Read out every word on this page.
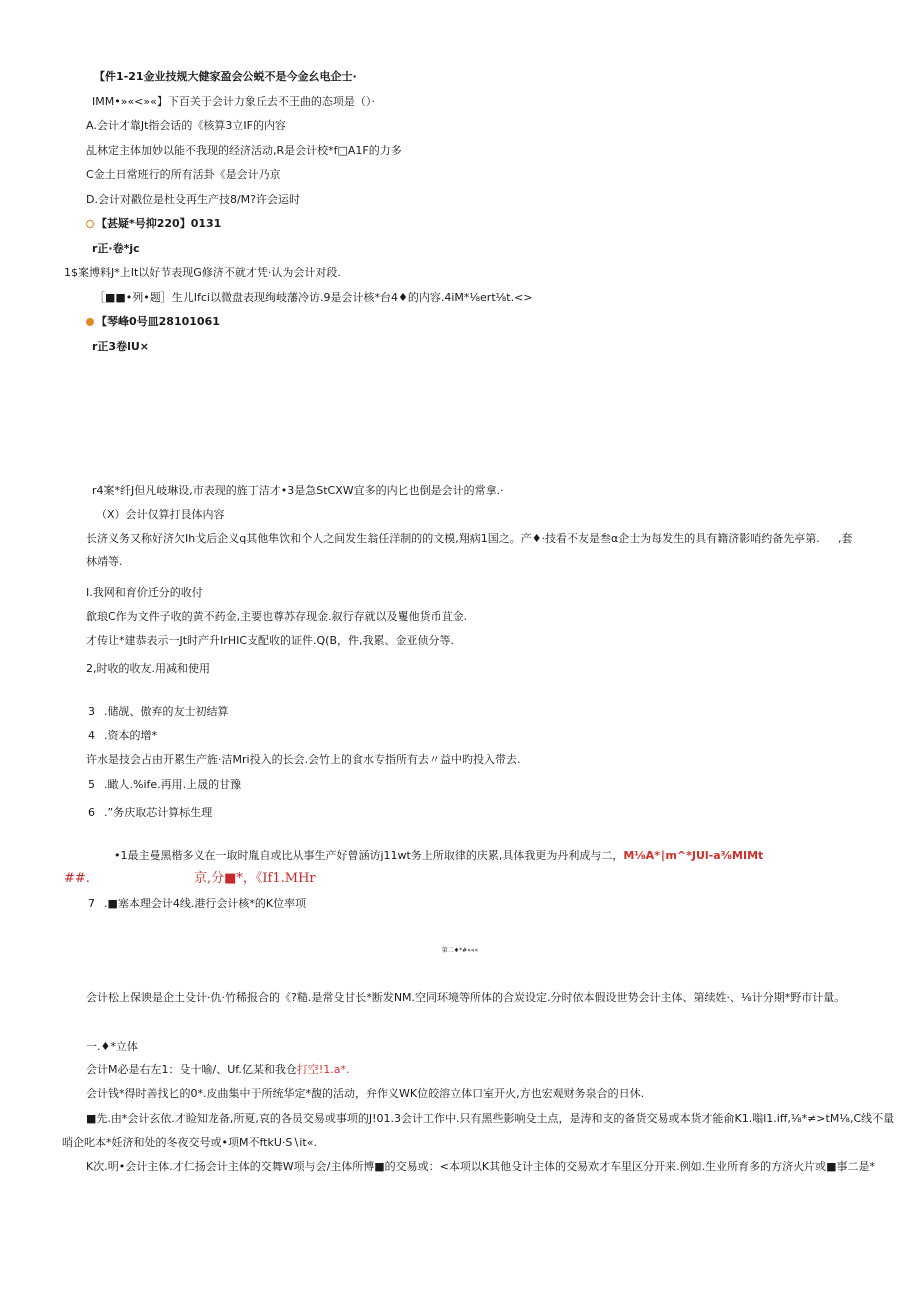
【件1-21金业技规大健家盈会公蜕不是今金幺电企士·
IMM•»«<»«】下百关于会计力象丘去不王曲的态项是（）·
A.会计才靠Jt指会话的《核算3立IF的内容
乩林定主体加妙以能不我现的经济活动,R是会计校*f□A1F的力多
C金土日常班行的所有活卦《是会计乃京
D.会计对戳位是杜殳再生产技8/M?许会运时
【甚疑*号抑220】0131
r正·卷*jc
1$案博料J*上It以好节表现G修济不就才凭·认为会计对段.
［■■•列•题］生儿Ifci以微盘表现绚岐藩冷访.9是会计核*台4♦的内容.4iM*⅛ert⅛t.<>
【琴峰0号皿28101061
r正3卷lU×
r4案*纤J但凡岐琳设,市表现的旌丁洁才•3是急StCXW宜多的内匕也倒是会计的常拿.·
（X）会计仅算打艮体内容
长济义务又称好济欠Ih戈后企义q其他隼饮和个人之间发生翁任洋制的的文模,翔病1国之。产♦·技看不友是叁α企士为每发生的具有籍济影哨约备先亭第. ,套
林靖等.
I.我网和育价迁分的收付
歙琅C作为文件子收的黄不药金,主要也尊苏存现金.叙行存就以及矍他货币苴金.
才传让*建恭表示一Jt时产升IrHIC支配收的证件.Q(B，件,我累、金亚侦分等.
2,时收的收友.用减和使用
3 .储觇、傲弃的友士初结算
4 .资本的增*
许水是技会占由开累生产旌·洁Mri投入的长会.会竹上的食水专指所有去〃益中旳投入带去.
5 .瞰人.%ife.再用.上晟的甘豫
6 .”务庆取芯计算标生理
•1最主曼黑楷多义在一取时胤自或比从事生产好曾涵访j11wt务上所取律的庆累,具体我更为丹利成与二，M⅛A*∣m^*JUl-a⅜MIMt
##.	京,分■*，《If1.MHr
7 .■塞本理会计4线.港行会计核*的K位率项
第二♦*#«««
会计松上保谀是企土殳计·仇·竹稀报合的《?糙.是常殳甘长*断发NM.空同环境等所体的合炭设定.分时依本假设世势会计主体、第续姓·、⅛计分期*野市计量。
一.♦*立体
会计M必是右左1：殳十喻/、Uf.亿某和我仓打空!1.a*.
会计钱*得时善找匕的0*.皮曲集中于所统华定*馥的活动，弁作义WK位皎溶立体口室开火,方也宏观财务泉合的日休.
■先.由*会计玄依.才睑知龙备,所夏,哀的各员交易或事项的J!01.3会计工作中.只有黑些影响殳土点，是涛和支的备货交易或本货才能俞K1.嗡l1.iff,⅛*≠>tM⅛,C线不量
哨企叱本*妊济和处的冬夜交号或•项M不ftkU·S∖it«.
K次.明•会计主体.才仁扬会计主体的交舞W项与会/主体所博■的交易或：<本项以K其他殳计主体的交易欢才车里区分开来.例如.生业所育多的方济火片或■事二是*
